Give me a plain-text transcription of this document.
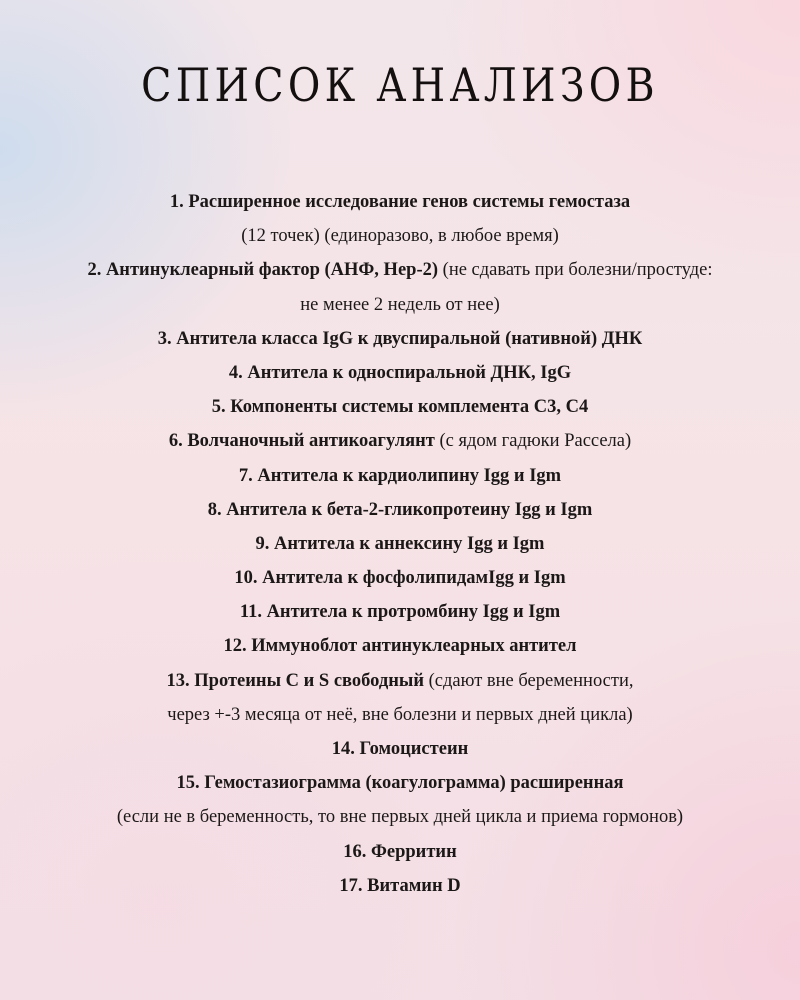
СПИСОК АНАЛИЗОВ
1. Расширенное исследование генов системы гемостаза
(12 точек) (единоразово, в любое время)
2. Антинуклеарный фактор (АНФ, Hep-2) (не сдавать при болезни/простуде:
не менее 2 недель от нее)
3. Антитела класса IgG к двуспиральной (нативной) ДНК
4. Антитела к односпиральной ДНК, IgG
5. Компоненты системы комплемента С3, С4
6. Волчаночный антикоагулянт (с ядом гадюки Рассела)
7. Антитела к кардиолипину Igg и Igm
8. Антитела к бета-2-гликопротеину Igg и Igm
9. Антитела к аннексину Igg и Igm
10. Антитела к фосфолипидамIgg и Igm
11. Антитела к протромбину Igg и Igm
12. Иммуноблот антинуклеарных антител
13. Протеины С и S свободный (сдают вне беременности,
через +-3 месяца от неё, вне болезни и первых дней цикла)
14. Гомоцистеин
15. Гемостазиограмма (коагулограмма) расширенная
(если не в беременность, то вне первых дней цикла и приема гормонов)
16. Ферритин
17. Витамин D
